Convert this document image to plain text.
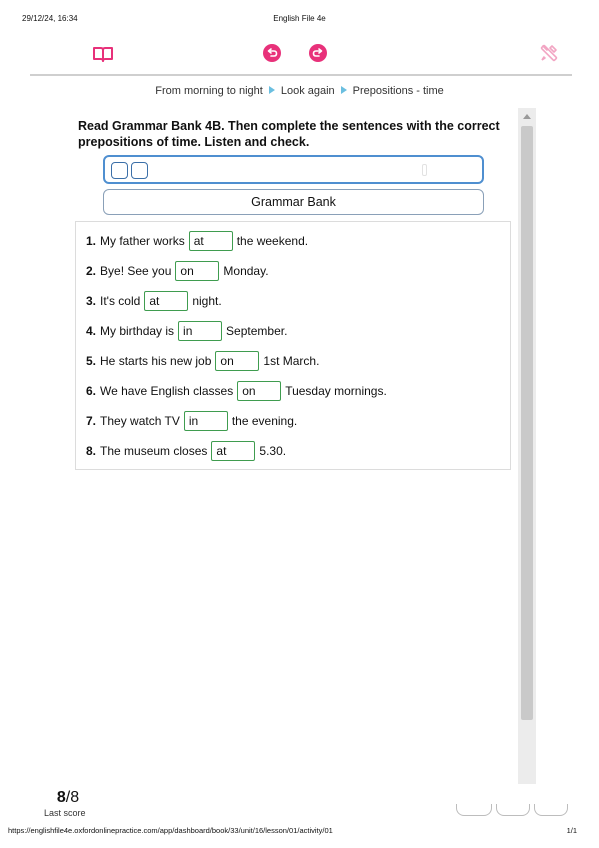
29/12/24, 16:34	English File 4e
From morning to night Look again Prepositions - time
Read Grammar Bank 4B. Then complete the sentences with the correct prepositions of time. Listen and check.
Grammar Bank
1. My father works at	the weekend.
2. Bye! See you on	Monday.
3. It's cold at	night.
4. My birthday is in	September.
5. He starts his new job on	1st March.
6. We have English classes on	Tuesday mornings.
7. They watch TV in	the evening.
8. The museum closes at	5.30.
8/8
Last score
https://englishfile4e.oxfordonlinepractice.com/app/dashboard/book/33/unit/16/lesson/01/activity/01	1/1
